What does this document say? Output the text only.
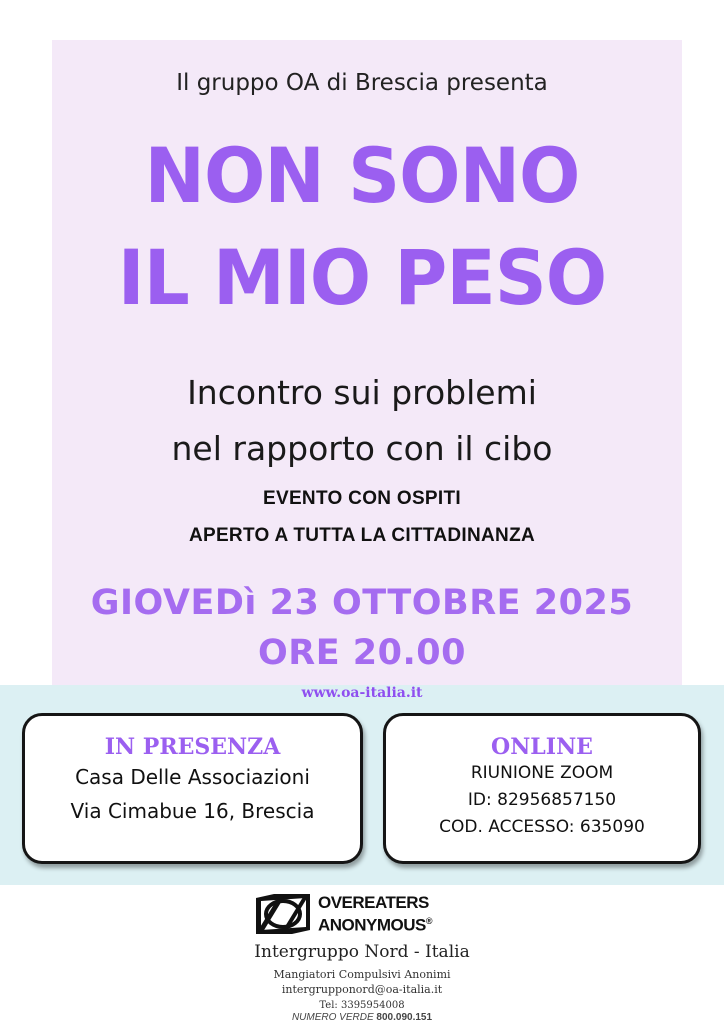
Il gruppo OA di Brescia presenta

NON SONO

IL MIO PESO

Incontro sui problemi

nel rapporto con il cibo

EVENTO CON OSPITI

APERTO A TUTTA LA CITTADINANZA

GIOVEDì 23 OTTOBRE 2025

ORE 20.00

www.oa-italia.it

IN PRESENZA
Casa Delle Associazioni
Via Cimabue 16, Brescia
ONLINE
RIUNIONE ZOOM
ID: 82956857150
COD. ACCESSO: 635090
OVEREATERS
ANONYMOUS®

Intergruppo Nord - Italia

Mangiatori Compulsivi Anonimi

intergrupponord@oa-italia.it

Tel: 3395954008

NUMERO VERDE 800.090.151
